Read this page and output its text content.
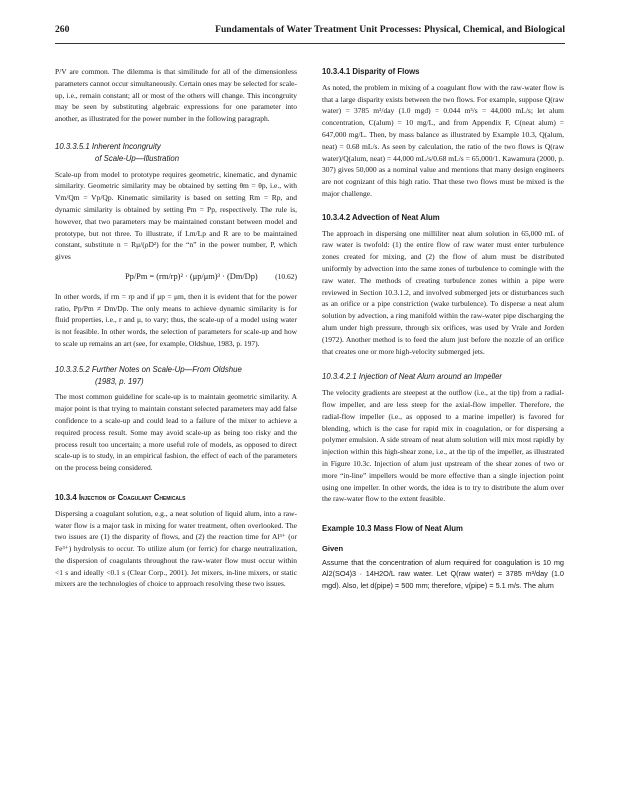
260	Fundamentals of Water Treatment Unit Processes: Physical, Chemical, and Biological

P/V are common. The dilemma is that similitude for all of the dimensionless parameters cannot occur simultaneously. Certain ones may be selected for scale-up, i.e., remain constant; all or most of the others will change. This incongruity may be seen by substituting algebraic expressions for one parameter into another, as illustrated for the power number in the following paragraph.

10.3.3.5.1 Inherent Incongruity
of Scale-Up—Illustration

Scale-up from model to prototype requires geometric, kinematic, and dynamic similarity. Geometric similarity may be obtained by setting θm = θp, i.e., with Vm/Qm = Vp/Qp. Kinematic similarity is based on setting Rm = Rp, and dynamic similarity is obtained by setting Pm = Pp, respectively. The rule is, however, that two parameters may be maintained constant between model and prototype, but not three. To illustrate, if Lm/Lp and R are to be maintained constant, substitute n = Rμ/(ρD²) for the “n” in the power number, P, which gives

Pp/Pm = (rm/rp)² · (μp/μm)³ · (Dm/Dp) (10.62)

In other words, if rm = rp and if μp = μm, then it is evident that for the power ratio, Pp/Pm ≠ Dm/Dp. The only means to achieve dynamic similarity is for fluid properties, i.e., r and μ, to vary; thus, the scale-up of a model using water is not feasible. In other words, the selection of parameters for scale-up and how to scale up remains an art (see, for example, Oldshue, 1983, p. 197).

10.3.3.5.2 Further Notes on Scale-Up—From Oldshue
(1983, p. 197)

The most common guideline for scale-up is to maintain geometric similarity. A major point is that trying to maintain constant selected parameters may add false confidence to a scale-up and could lead to a failure of the mixer to achieve a required process result. Some may avoid scale-up as being too risky and the process result too uncertain; a more useful role of models, as opposed to direct scale-up is to study, in an empirical fashion, the effect of each of the parameters on the process being considered.

10.3.4 Injection of Coagulant Chemicals

Dispersing a coagulant solution, e.g., a neat solution of liquid alum, into a raw-water flow is a major task in mixing for water treatment, often overlooked. The two issues are (1) the disparity of flows, and (2) the reaction time for Al³⁺ (or Fe³⁺) hydrolysis to occur. To utilize alum (or ferric) for charge neutralization, the dispersion of coagulants throughout the raw-water flow must occur within <1 s and ideally <0.1 s (Clear Corp., 2001). Jet mixers, in-line mixers, or static mixers are the technologies of choice to approach resolving these two issues.

10.3.4.1 Disparity of Flows

As noted, the problem in mixing of a coagulant flow with the raw-water flow is that a large disparity exists between the two flows. For example, suppose Q(raw water) = 3785 m³/day (1.0 mgd) = 0.044 m³/s = 44,000 mL/s; let alum concentration, C(alum) = 10 mg/L, and from Appendix F, C(neat alum) = 647,000 mg/L. Then, by mass balance as illustrated by Example 10.3, Q(alum, neat) = 0.68 mL/s. As seen by calculation, the ratio of the two flows is Q(raw water)/Q(alum, neat) = 44,000 mL/s/0.68 mL/s = 65,000/1. Kawamura (2000, p. 307) gives 50,000 as a nominal value and mentions that many design engineers are not cognizant of this high ratio. That these two flows must be mixed is the major challenge.

10.3.4.2 Advection of Neat Alum

The approach in dispersing one milliliter neat alum solution in 65,000 mL of raw water is twofold: (1) the entire flow of raw water must enter turbulence zones created for mixing, and (2) the flow of alum must be distributed uniformly by advection into the same zones of turbulence to comingle with the raw water. The methods of creating turbulence zones within a pipe were reviewed in Section 10.3.1.2, and involved submerged jets or disturbances such as an orifice or a pipe constriction (wake turbulence). To disperse a neat alum solution by advection, a ring manifold within the raw-water pipe discharging the alum under high pressure, through six orifices, was used by Vrale and Jorden (1972). Another method is to feed the alum just before the nozzle of an orifice that creates one or more high-velocity submerged jets.

10.3.4.2.1 Injection of Neat Alum around an Impeller

The velocity gradients are steepest at the outflow (i.e., at the tip) from a radial-flow impeller, and are less steep for the axial-flow impeller. Therefore, the radial-flow impeller (i.e., as opposed to a marine impeller) is favored for blending, which is the case for rapid mix in coagulation, or for dispersing a polymer emulsion. A side stream of neat alum solution will mix most rapidly by injection within this high-shear zone, i.e., at the tip of the impeller, as illustrated in Figure 10.3c. Injection of alum just upstream of the shear zones of two or more “in-line” impellers would be more effective than a single injection point using one impeller. In other words, the idea is to try to distribute the alum over the raw-water flow to the extent feasible.

Example 10.3 Mass Flow of Neat Alum
Given

Assume that the concentration of alum required for coagulation is 10 mg Al2(SO4)3 · 14H2O/L raw water. Let Q(raw water) = 3785 m³/day (1.0 mgd). Also, let d(pipe) = 500 mm; therefore, v(pipe) = 5.1 m/s. The alum
